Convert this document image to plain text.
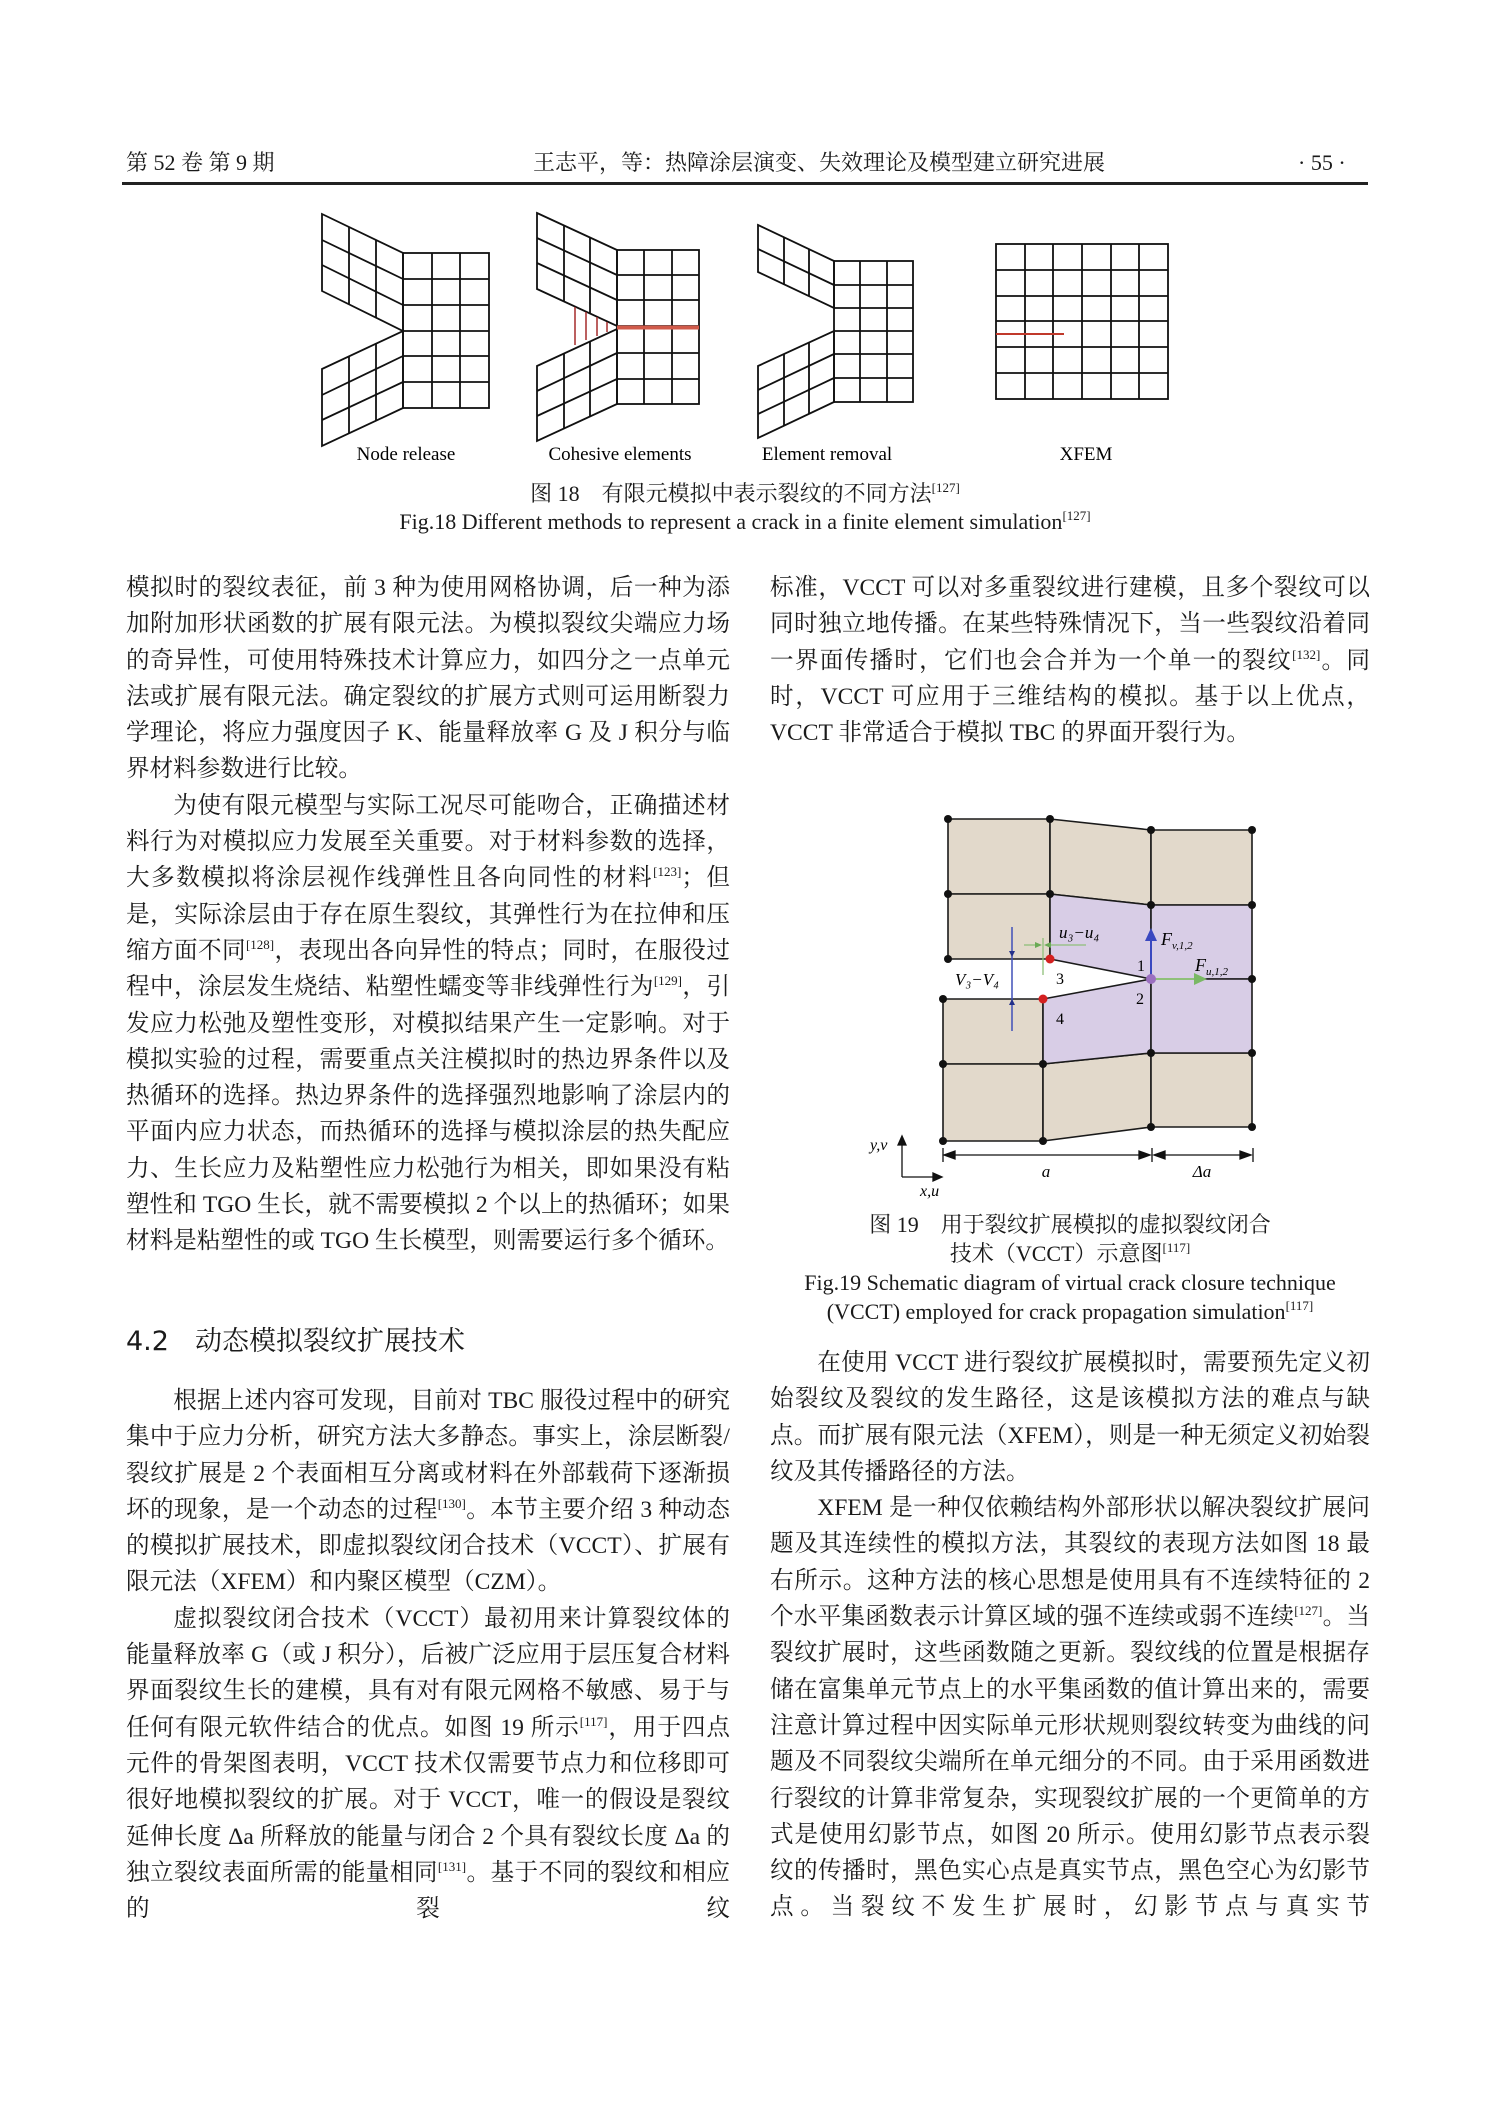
第 52 卷 第 9 期	王志平，等：热障涂层演变、失效理论及模型建立研究进展	· 55 ·
Node release	Cohesive elements	Element removal	XFEM
图 18　有限元模拟中表示裂纹的不同方法[127]
Fig.18 Different methods to represent a crack in a finite element simulation[127]

模拟时的裂纹表征，前 3 种为使用网格协调，后一种为添加附加形状函数的扩展有限元法。为模拟裂纹尖端应力场的奇异性，可使用特殊技术计算应力，如四分之一点单元法或扩展有限元法。确定裂纹的扩展方式则可运用断裂力学理论，将应力强度因子 K、能量释放率 G 及 J 积分与临界材料参数进行比较。

为使有限元模型与实际工况尽可能吻合，正确描述材料行为对模拟应力发展至关重要。对于材料参数的选择，大多数模拟将涂层视作线弹性且各向同性的材料[123]；但是，实际涂层由于存在原生裂纹，其弹性行为在拉伸和压缩方面不同[128]，表现出各向异性的特点；同时，在服役过程中，涂层发生烧结、粘塑性蠕变等非线弹性行为[129]，引发应力松弛及塑性变形，对模拟结果产生一定影响。对于模拟实验的过程，需要重点关注模拟时的热边界条件以及热循环的选择。热边界条件的选择强烈地影响了涂层内的平面内应力状态，而热循环的选择与模拟涂层的热失配应力、生长应力及粘塑性应力松弛行为相关，即如果没有粘塑性和 TGO 生长，就不需要模拟 2 个以上的热循环；如果材料是粘塑性的或 TGO 生长模型，则需要运行多个循环。

4.2 动态模拟裂纹扩展技术

根据上述内容可发现，目前对 TBC 服役过程中的研究集中于应力分析，研究方法大多静态。事实上，涂层断裂/裂纹扩展是 2 个表面相互分离或材料在外部载荷下逐渐损坏的现象，是一个动态的过程[130]。本节主要介绍 3 种动态的模拟扩展技术，即虚拟裂纹闭合技术（VCCT）、扩展有限元法（XFEM）和内聚区模型（CZM）。

虚拟裂纹闭合技术（VCCT）最初用来计算裂纹体的能量释放率 G（或 J 积分），后被广泛应用于层压复合材料界面裂纹生长的建模，具有对有限元网格不敏感、易于与任何有限元软件结合的优点。如图 19 所示[117]，用于四点元件的骨架图表明，VCCT 技术仅需要节点力和位移即可很好地模拟裂纹的扩展。对于 VCCT，唯一的假设是裂纹延伸长度 Δa 所释放的能量与闭合 2 个具有裂纹长度 Δa 的独立裂纹表面所需的能量相同[131]。基于不同的裂纹和相应的裂纹

标准，VCCT 可以对多重裂纹进行建模，且多个裂纹可以同时独立地传播。在某些特殊情况下，当一些裂纹沿着同一界面传播时，它们也会合并为一个单一的裂纹[132]。同时，VCCT 可应用于三维结构的模拟。基于以上优点，VCCT 非常适合于模拟 TBC 的界面开裂行为。

u₃−u₄
V₃−V₄
$F_{v,1,2}$
$F_{u,1,2}$
1
2
3
4
a	Δa
y,v
x,u
图 19　用于裂纹扩展模拟的虚拟裂纹闭合
技术（VCCT）示意图[117]
Fig.19 Schematic diagram of virtual crack closure technique
(VCCT) employed for crack propagation simulation[117]

在使用 VCCT 进行裂纹扩展模拟时，需要预先定义初始裂纹及裂纹的发生路径，这是该模拟方法的难点与缺点。而扩展有限元法（XFEM），则是一种无须定义初始裂纹及其传播路径的方法。

XFEM 是一种仅依赖结构外部形状以解决裂纹扩展问题及其连续性的模拟方法，其裂纹的表现方法如图 18 最右所示。这种方法的核心思想是使用具有不连续特征的 2 个水平集函数表示计算区域的强不连续或弱不连续[127]。当裂纹扩展时，这些函数随之更新。裂纹线的位置是根据存储在富集单元节点上的水平集函数的值计算出来的，需要注意计算过程中因实际单元形状规则裂纹转变为曲线的问题及不同裂纹尖端所在单元细分的不同。由于采用函数进行裂纹的计算非常复杂，实现裂纹扩展的一个更简单的方式是使用幻影节点，如图 20 所示。使用幻影节点表示裂纹的传播时，黑色实心点是真实节点，黑色空心为幻影节点。当裂纹不发生扩展时，幻影节点与真实节
